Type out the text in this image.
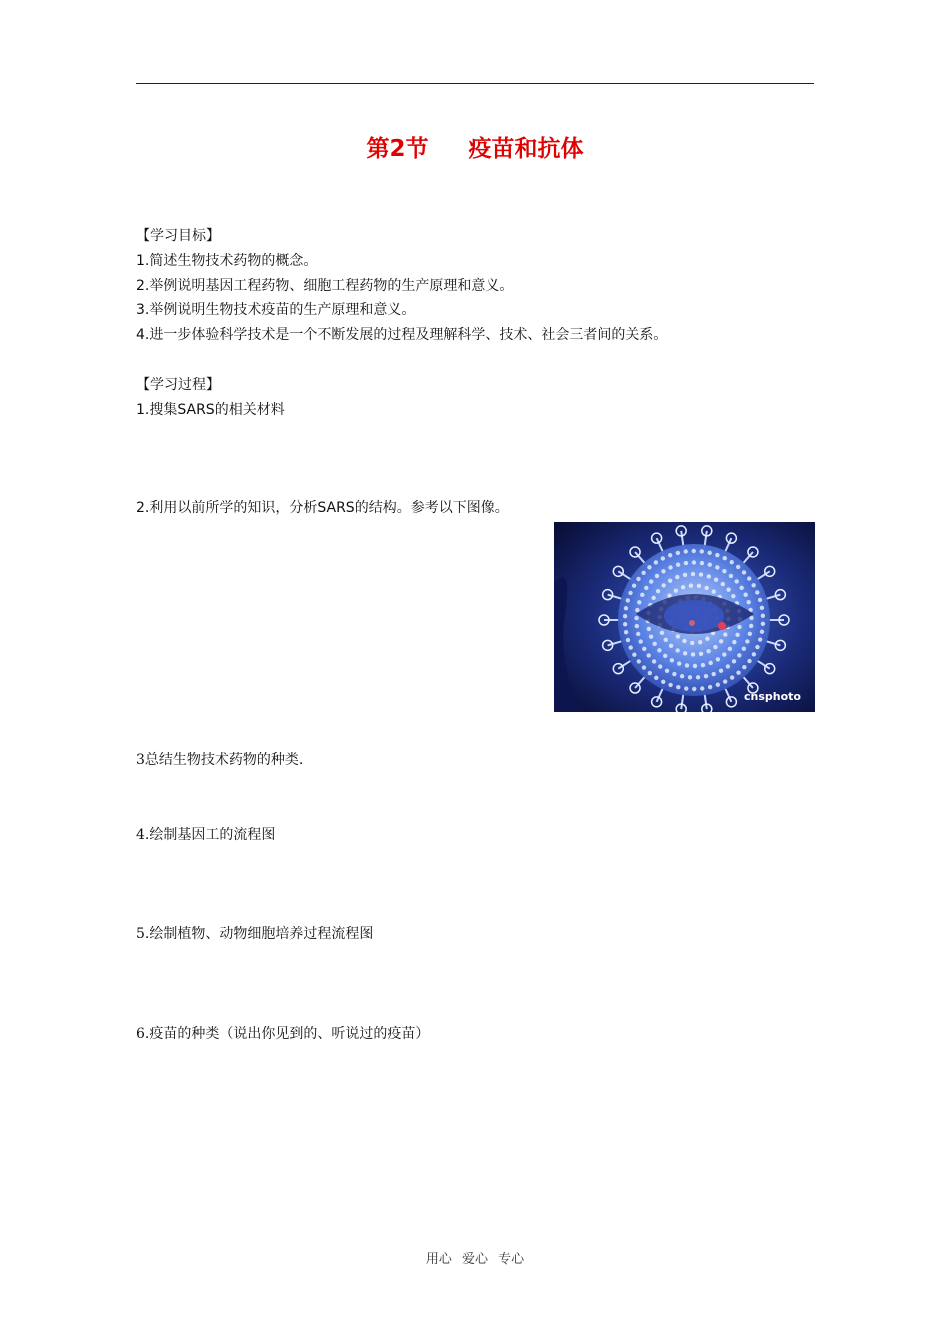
第2节 疫苗和抗体
【学习目标】
1.简述生物技术药物的概念。
2.举例说明基因工程药物、细胞工程药物的生产原理和意义。
3.举例说明生物技术疫苗的生产原理和意义。
4.进一步体验科学技术是一个不断发展的过程及理解科学、技术、社会三者间的关系。
【学习过程】
1.搜集SARS的相关材料
2.利用以前所学的知识，分析SARS的结构。参考以下图像。
cnsphoto
3总结生物技术药物的种类.
4.绘制基因工的流程图
5.绘制植物、动物细胞培养过程流程图
6.疫苗的种类（说出你见到的、听说过的疫苗）
用心 爱心 专心
